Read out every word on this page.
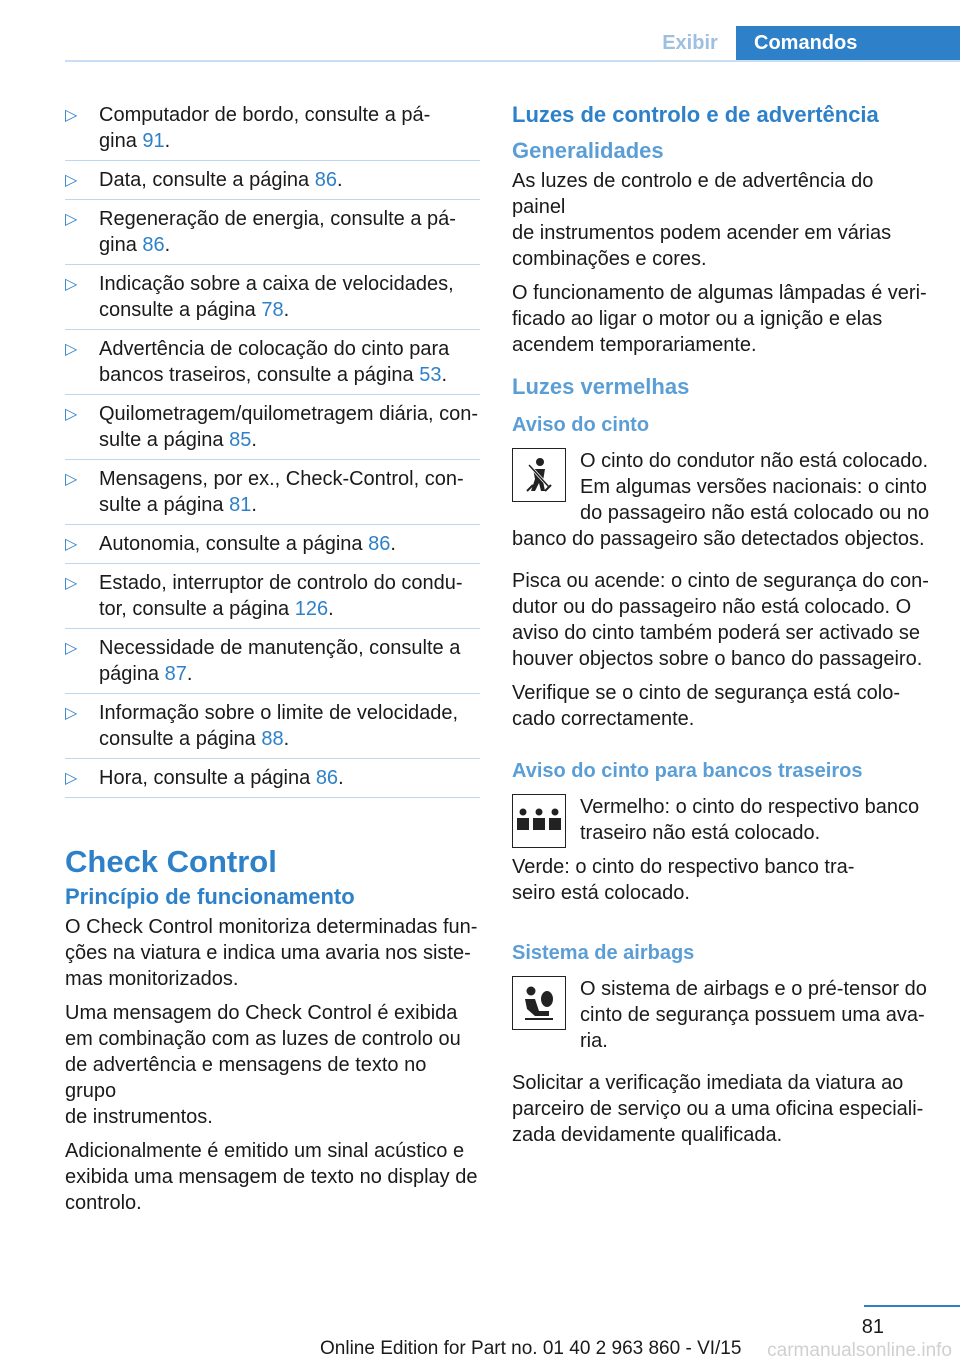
Exibir	Comandos
▷ Computador de bordo, consulte a pá-
gina 91.
▷ Data, consulte a página 86.
▷ Regeneração de energia, consulte a pá-
gina 86.
▷ Indicação sobre a caixa de velocidades,
consulte a página 78.
▷ Advertência de colocação do cinto para
bancos traseiros, consulte a página 53.
▷ Quilometragem/quilometragem diária, con-
sulte a página 85.
▷ Mensagens, por ex., Check-Control, con-
sulte a página 81.
▷ Autonomia, consulte a página 86.
▷ Estado, interruptor de controlo do condu-
tor, consulte a página 126.
▷ Necessidade de manutenção, consulte a
página 87.
▷ Informação sobre o limite de velocidade,
consulte a página 88.
▷ Hora, consulte a página 86.
Check Control
Princípio de funcionamento

O Check Control monitoriza determinadas fun-
ções na viatura e indica uma avaria nos siste-
mas monitorizados.

Uma mensagem do Check Control é exibida
em combinação com as luzes de controlo ou
de advertência e mensagens de texto no grupo
de instrumentos.

Adicionalmente é emitido um sinal acústico e
exibida uma mensagem de texto no display de
controlo.

Luzes de controlo e de advertência
Generalidades

As luzes de controlo e de advertência do painel
de instrumentos podem acender em várias
combinações e cores.

O funcionamento de algumas lâmpadas é veri-
ficado ao ligar o motor ou a ignição e elas
acendem temporariamente.

Luzes vermelhas
Aviso do cinto

O cinto do condutor não está colocado.
Em algumas versões nacionais: o cinto
do passageiro não está colocado ou no
banco do passageiro são detectados objectos.

Pisca ou acende: o cinto de segurança do con-
dutor ou do passageiro não está colocado. O
aviso do cinto também poderá ser activado se
houver objectos sobre o banco do passageiro.

Verifique se o cinto de segurança está colo-
cado correctamente.

Aviso do cinto para bancos traseiros

Vermelho: o cinto do respectivo banco
traseiro não está colocado.

Verde: o cinto do respectivo banco tra-
seiro está colocado.

Sistema de airbags

O sistema de airbags e o pré-tensor do
cinto de segurança possuem uma ava-
ria.

Solicitar a verificação imediata da viatura ao
parceiro de serviço ou a uma oficina especiali-
zada devidamente qualificada.

81
Online Edition for Part no. 01 40 2 963 860 - VI/15 carmanualsonline.info
